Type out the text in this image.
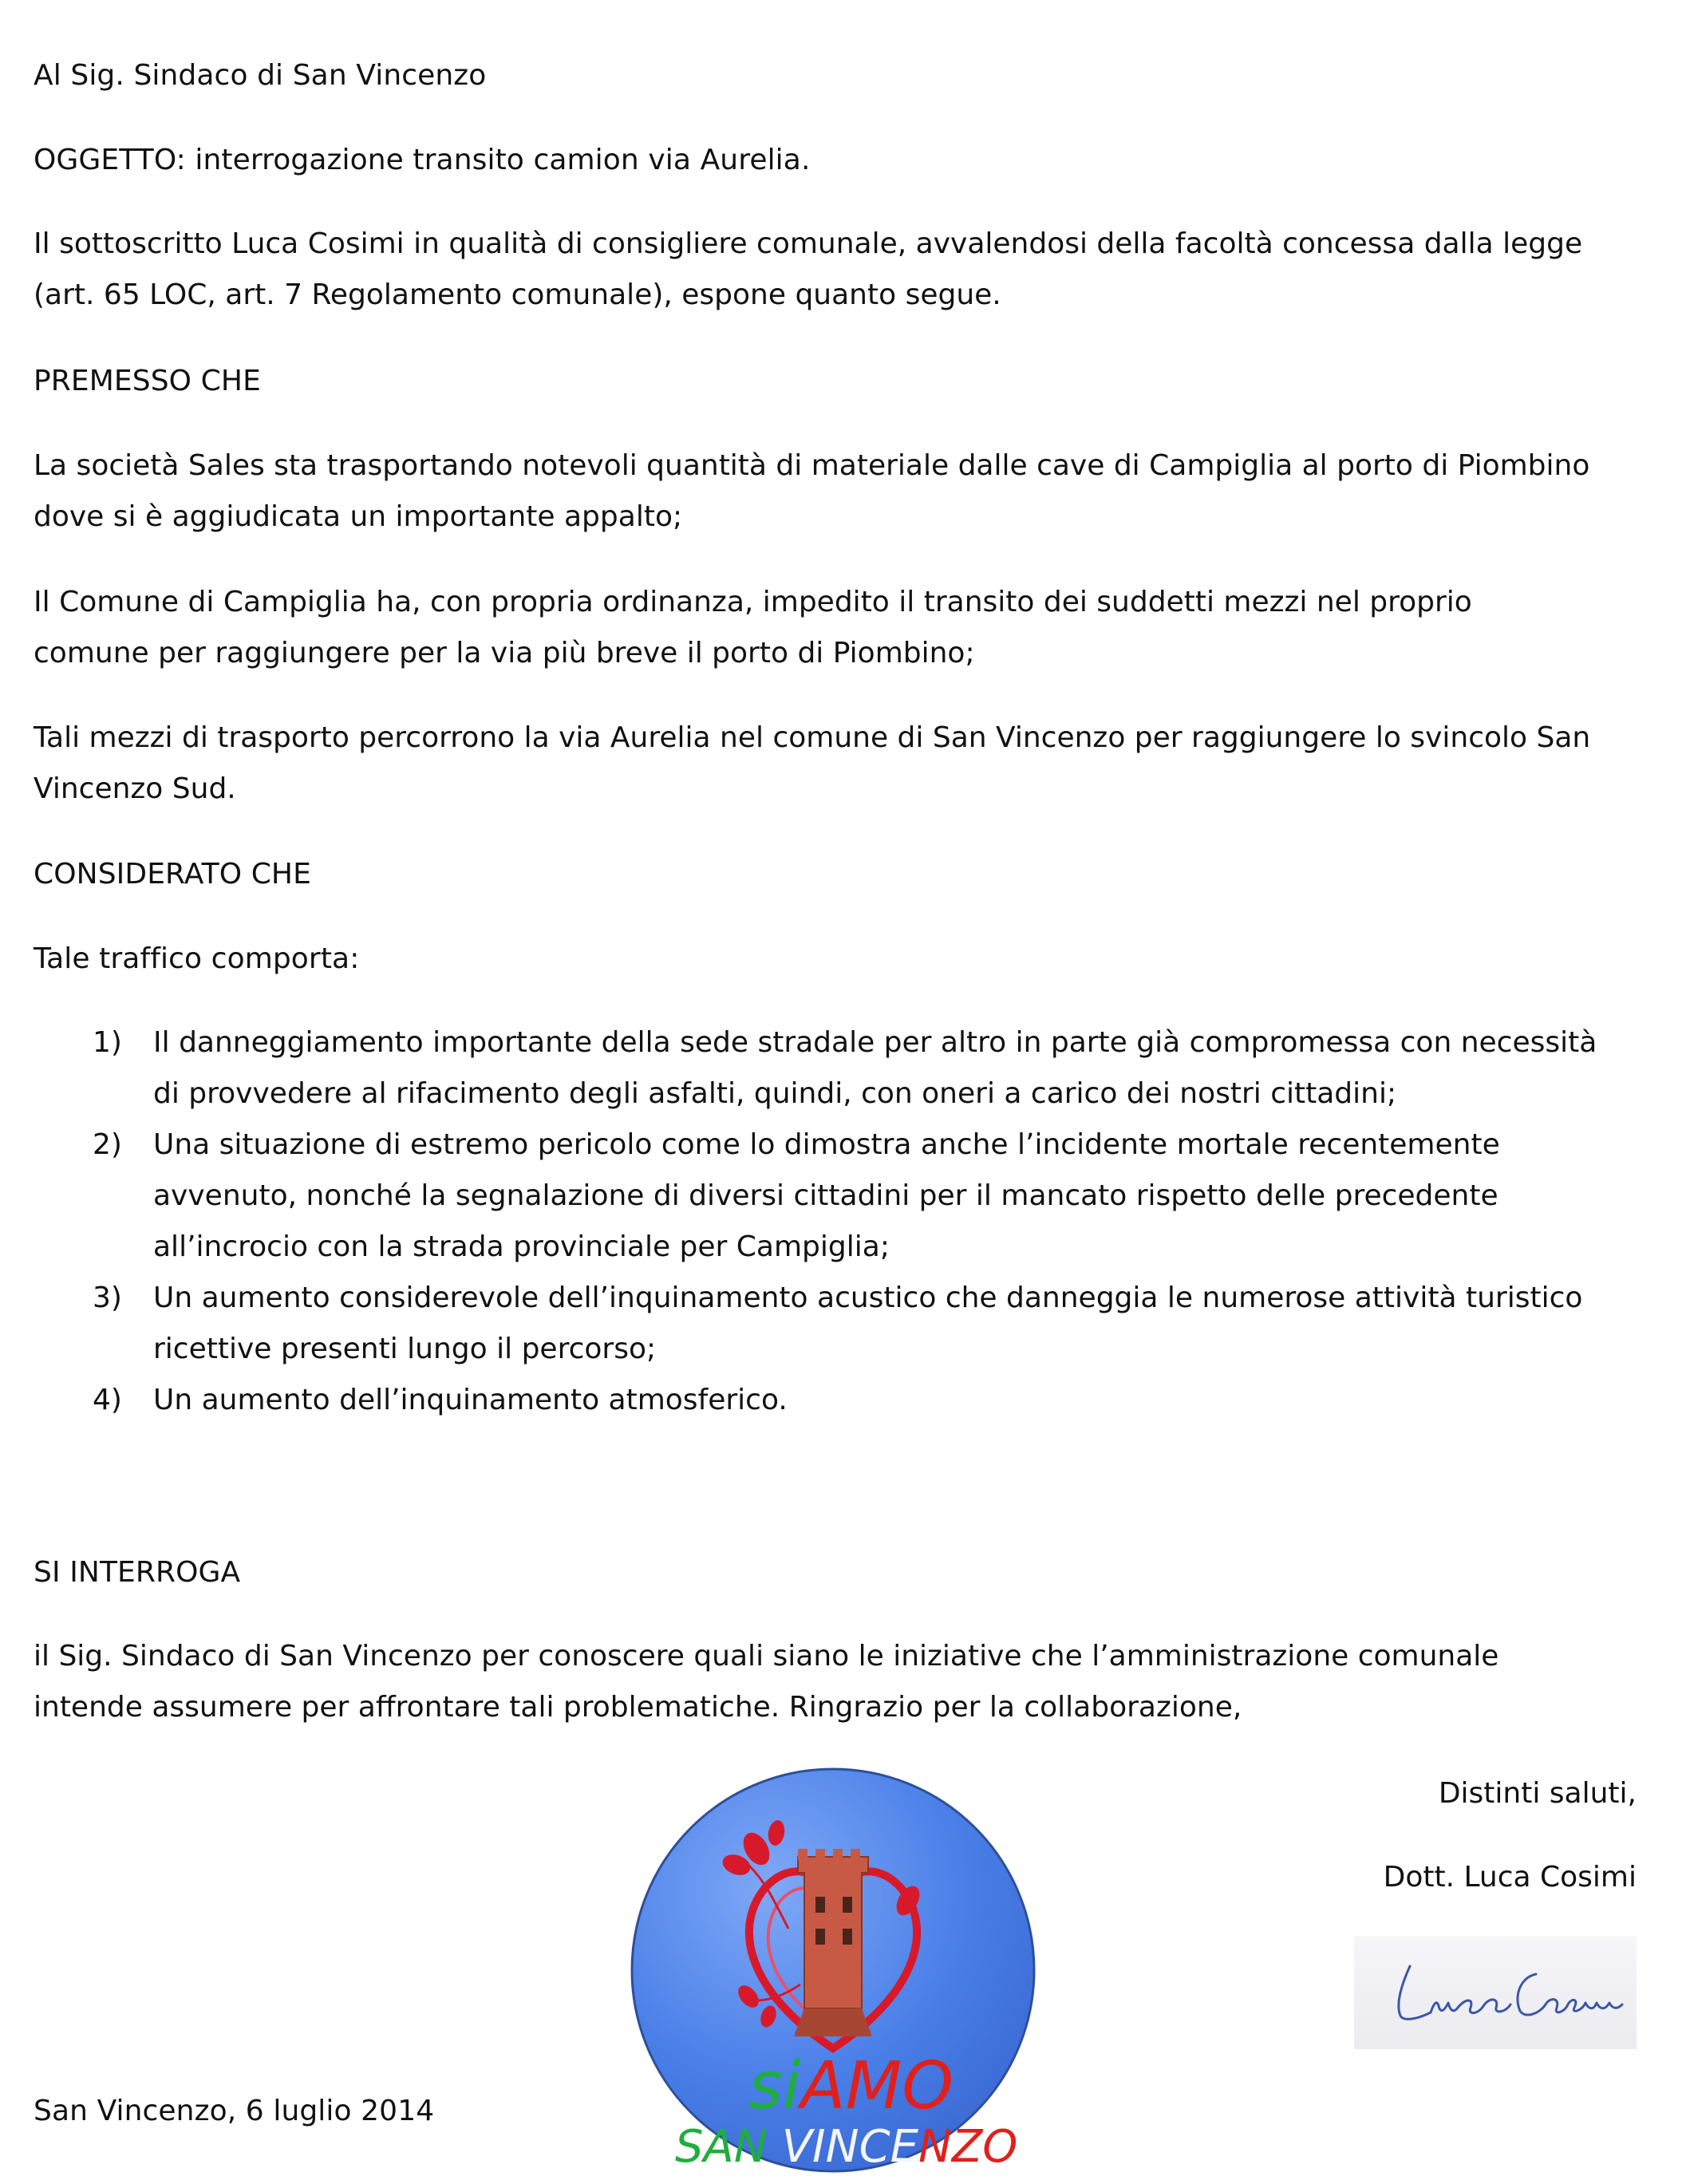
Al Sig. Sindaco di San Vincenzo
OGGETTO: interrogazione transito camion via Aurelia.
Il sottoscritto Luca Cosimi in qualità di consigliere comunale, avvalendosi della facoltà concessa dalla legge
(art. 65 LOC, art. 7 Regolamento comunale), espone quanto segue.
PREMESSO CHE
La società Sales sta trasportando notevoli quantità di materiale dalle cave di Campiglia al porto di Piombino
dove si è aggiudicata un importante appalto;
Il Comune di Campiglia ha, con propria ordinanza, impedito il transito dei suddetti mezzi nel proprio
comune per raggiungere per la via più breve il porto di Piombino;
Tali mezzi di trasporto percorrono la via Aurelia nel comune di San Vincenzo per raggiungere lo svincolo San
Vincenzo Sud.
CONSIDERATO CHE
Tale traffico comporta:
1) Il danneggiamento importante della sede stradale per altro in parte già compromessa con necessità
di provvedere al rifacimento degli asfalti, quindi, con oneri a carico dei nostri cittadini;
2) Una situazione di estremo pericolo come lo dimostra anche l’incidente mortale recentemente
avvenuto, nonché la segnalazione di diversi cittadini per il mancato rispetto delle precedente
all’incrocio con la strada provinciale per Campiglia;
3) Un aumento considerevole dell’inquinamento acustico che danneggia le numerose attività turistico
ricettive presenti lungo il percorso;
4) Un aumento dell’inquinamento atmosferico.
SI INTERROGA
il Sig. Sindaco di San Vincenzo per conoscere quali siano le iniziative che l’amministrazione comunale
intende assumere per affrontare tali problematiche. Ringrazio per la collaborazione,
Distinti saluti,
Dott. Luca Cosimi
San Vincenzo, 6 luglio 2014	siAMO
SAN VINCENZO
